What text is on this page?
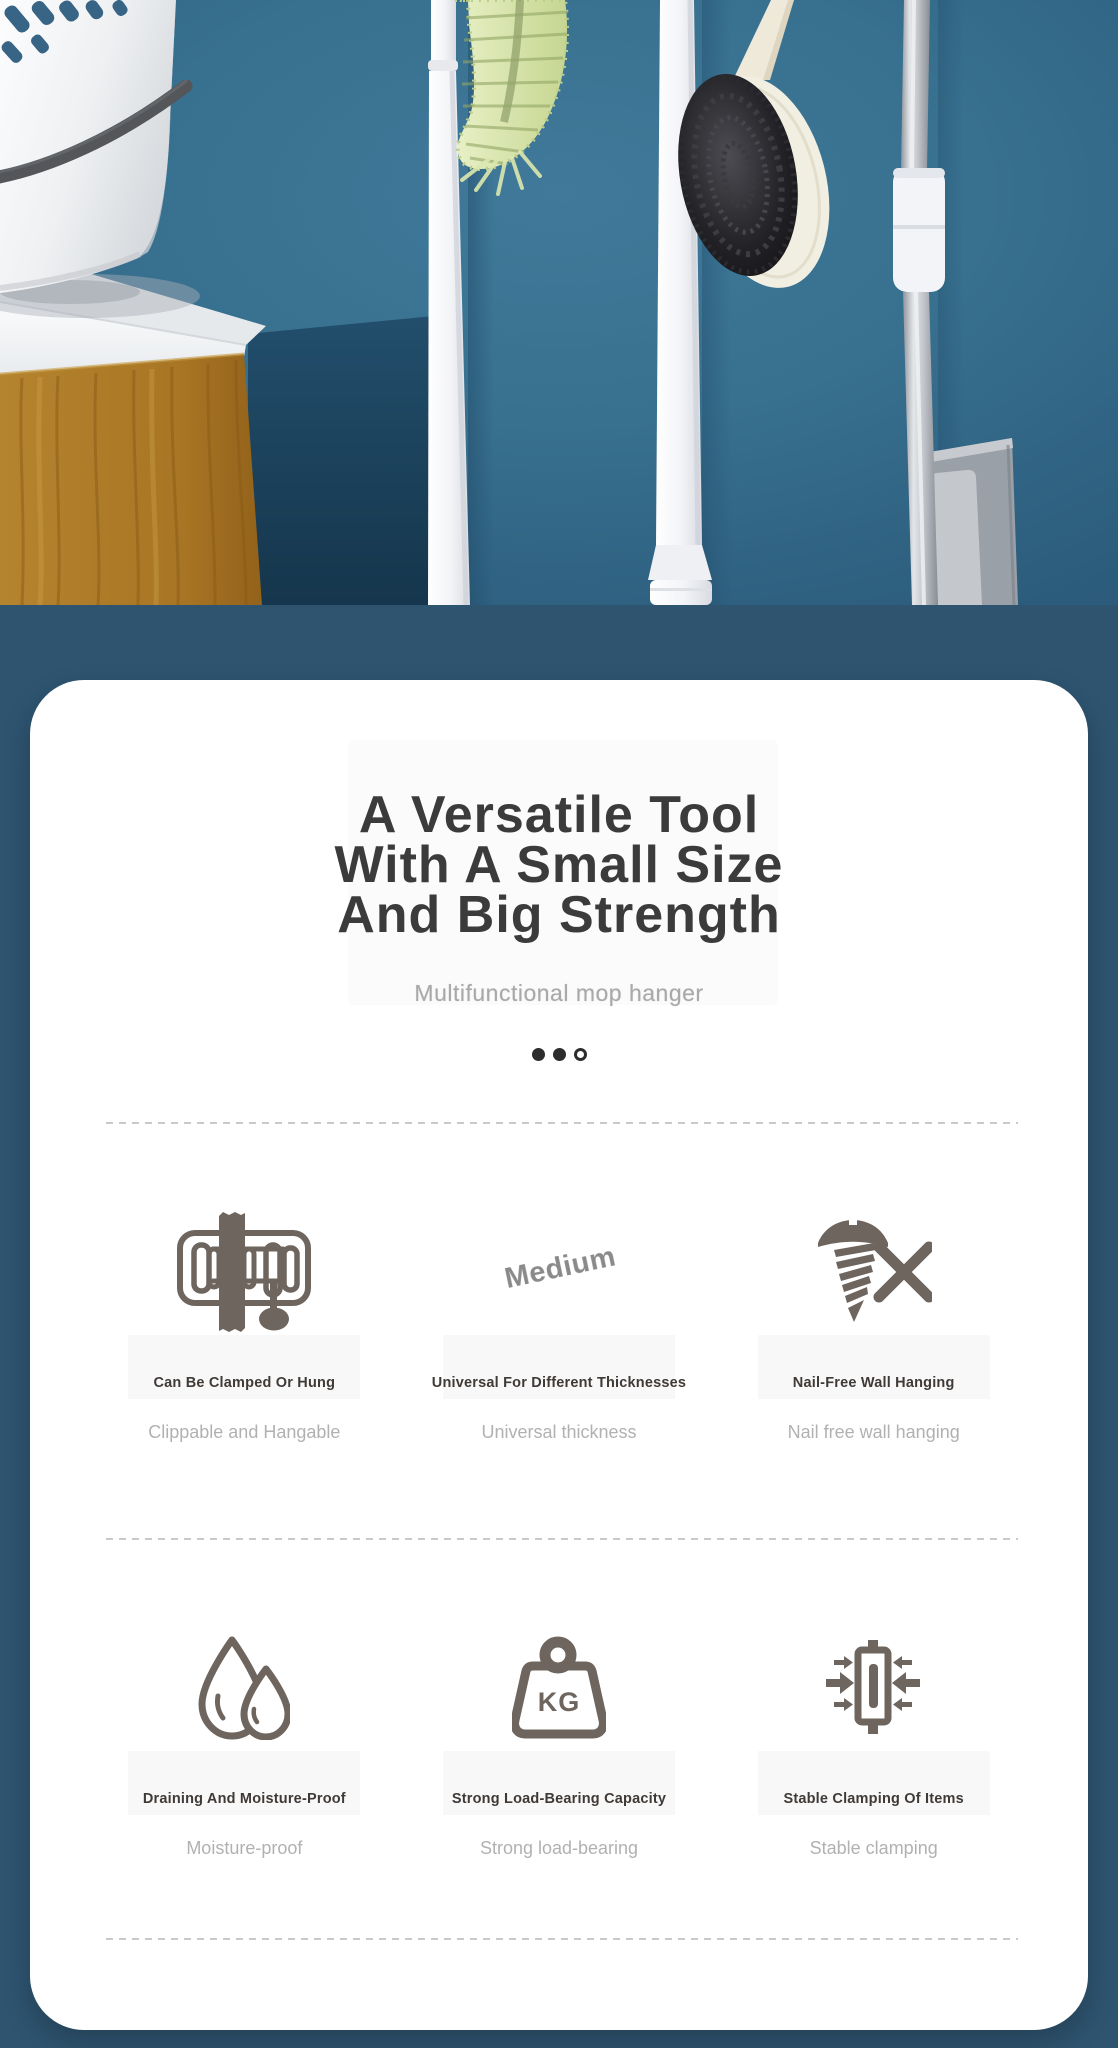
A Versatile Tool
With A Small Size
And Big Strength

Multifunctional mop hanger

Can Be Clamped Or Hung
Clippable and Hangable
Medium
Universal For Different Thicknesses
Universal thickness
Nail-Free Wall Hanging
Nail free wall hanging
Draining And Moisture-Proof
Moisture-proof
KG
Strong Load-Bearing Capacity
Strong load-bearing
Stable Clamping Of Items
Stable clamping
